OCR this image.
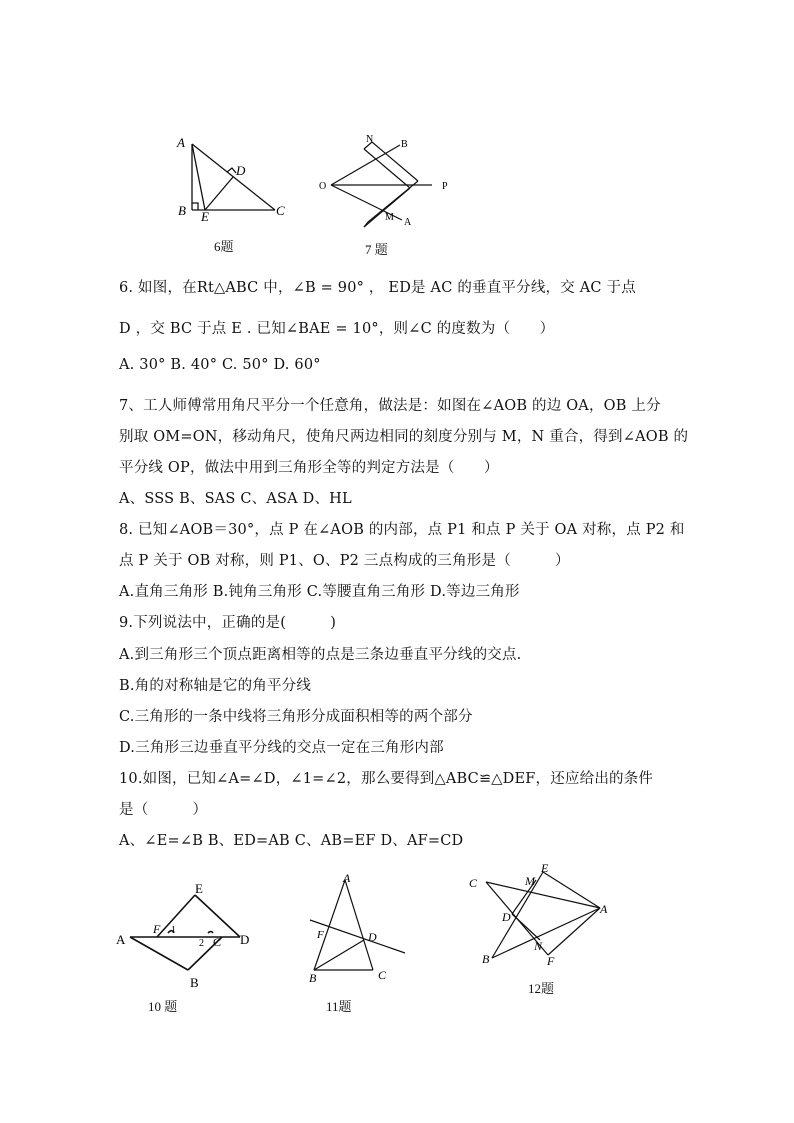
A
D
B E	C
6题
N	B
O	P
M A
7 题
6. 如图，在Rt△ABC 中，∠B = 90° ， ED是 AC 的垂直平分线，交 AC 于点
D ，交 BC 于点 E . 已知∠BAE = 10°，则∠C 的度数为（　　）
A. 30° B. 40° C. 50° D. 60°
7、工人师傅常用角尺平分一个任意角，做法是：如图在∠AOB 的边 OA，OB 上分
别取 OM=ON，移动角尺，使角尺两边相同的刻度分别与 M，N 重合，得到∠AOB 的
平分线 OP，做法中用到三角形全等的判定方法是（　　）
A、SSS B、SAS C、ASA D、HL
8. 已知∠AOB＝30°，点 P 在∠AOB 的内部，点 P1 和点 P 关于 OA 对称，点 P2 和
点 P 关于 OB 对称，则 P1、O、P2 三点构成的三角形是（　　　）
A.直角三角形 B.钝角三角形 C.等腰直角三角形 D.等边三角形
9.下列说法中，正确的是(　　　)
A.到三角形三个顶点距离相等的点是三条边垂直平分线的交点.
B.角的对称轴是它的角平分线
C.三角形的一条中线将三角形分成面积相等的两个部分
D.三角形三边垂直平分线的交点一定在三角形内部
10.如图，已知∠A=∠D，∠1=∠2，那么要得到△ABC≌△DEF，还应给出的条件
是（　　　）
A、∠E=∠B B、ED=AB C、AB=EF D、AF=CD
A
E
F 1
2 C D
B
10 题
A
F	D
B	C
11题
C
E
M
D
A
N
B	F
12题
